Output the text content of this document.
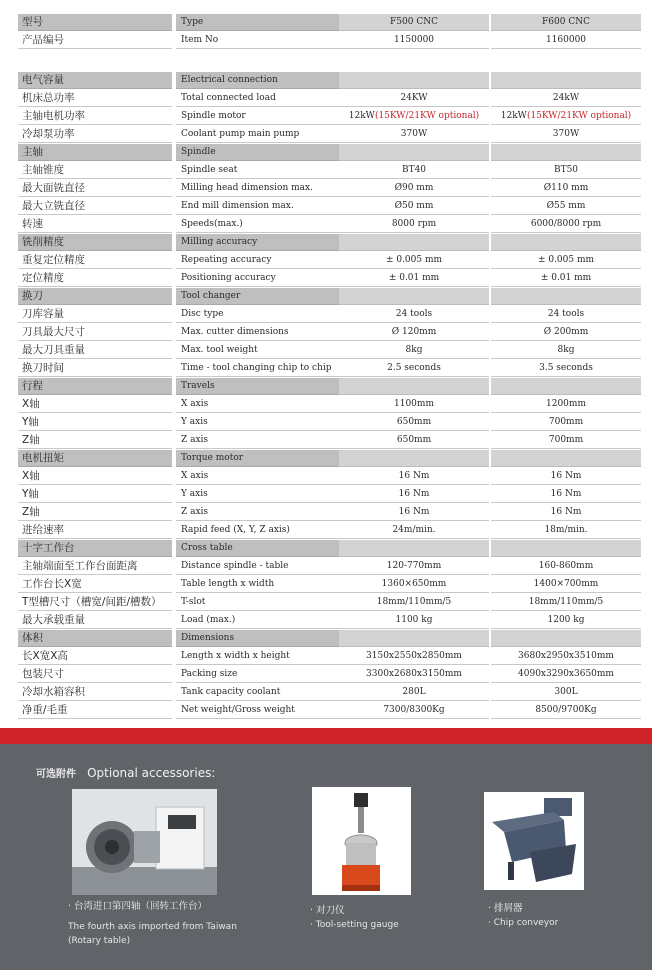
型号	Type	F500 CNC	F600 CNC
产品编号	Item No	1150000	1160000
电气容量	Electrical connection
机床总功率	Total connected load	24KW	24kW
主轴电机功率	Spindle motor	12kW(15KW/21KW optional)	12kW(15KW/21KW optional)
冷却泵功率	Coolant pump main pump	370W	370W
主轴	Spindle
主轴锥度	Spindle seat	BT40	BT50
最大面铣直径	Milling head dimension max.	Ø90 mm	Ø110 mm
最大立铣直径	End mill dimension max.	Ø50 mm	Ø55 mm
转速	Speeds(max.)	8000 rpm	6000/8000 rpm
铣削精度	Milling accuracy
重复定位精度	Repeating accuracy	± 0.005 mm	± 0.005 mm
定位精度	Positioning accuracy	± 0.01 mm	± 0.01 mm
换刀	Tool changer
刀库容量	Disc type	24 tools	24 tools
刀具最大尺寸	Max. cutter dimensions	Ø 120mm	Ø 200mm
最大刀具重量	Max. tool weight	8kg	8kg
换刀时间	Time - tool changing chip to chip	2.5 seconds	3.5 seconds
行程	Travels
X轴	X axis	1100mm	1200mm
Y轴	Y axis	650mm	700mm
Z轴	Z axis	650mm	700mm
电机扭矩	Torque motor
X轴	X axis	16 Nm	16 Nm
Y轴	Y axis	16 Nm	16 Nm
Z轴	Z axis	16 Nm	16 Nm
进给速率	Rapid feed (X, Y, Z axis)	24m/min.	18m/min.
十字工作台	Cross table
主轴端面至工作台面距离	Distance spindle - table	120-770mm	160-860mm
工作台长X宽	Table length x width	1360×650mm	1400×700mm
T型槽尺寸（槽宽/间距/槽数）	T-slot	18mm/110mm/5	18mm/110mm/5
最大承载重量	Load (max.)	1100 kg	1200 kg
体积	Dimensions
长X宽X高	Length x width x height	3150x2550x2850mm	3680x2950x3510mm
包装尺寸	Packing size	3300x2680x3150mm	4090x3290x3650mm
冷却水箱容积	Tank capacity coolant	280L	300L
净重/毛重	Net weight/Gross weight	7300/8300Kg	8500/9700Kg
可选附件 Optional accessories:
· 台湾进口第四轴（回转工作台）
The fourth axis imported from Taiwan
(Rotary table)
· 对刀仪
· Tool-setting gauge
· 排屑器
· Chip conveyor
